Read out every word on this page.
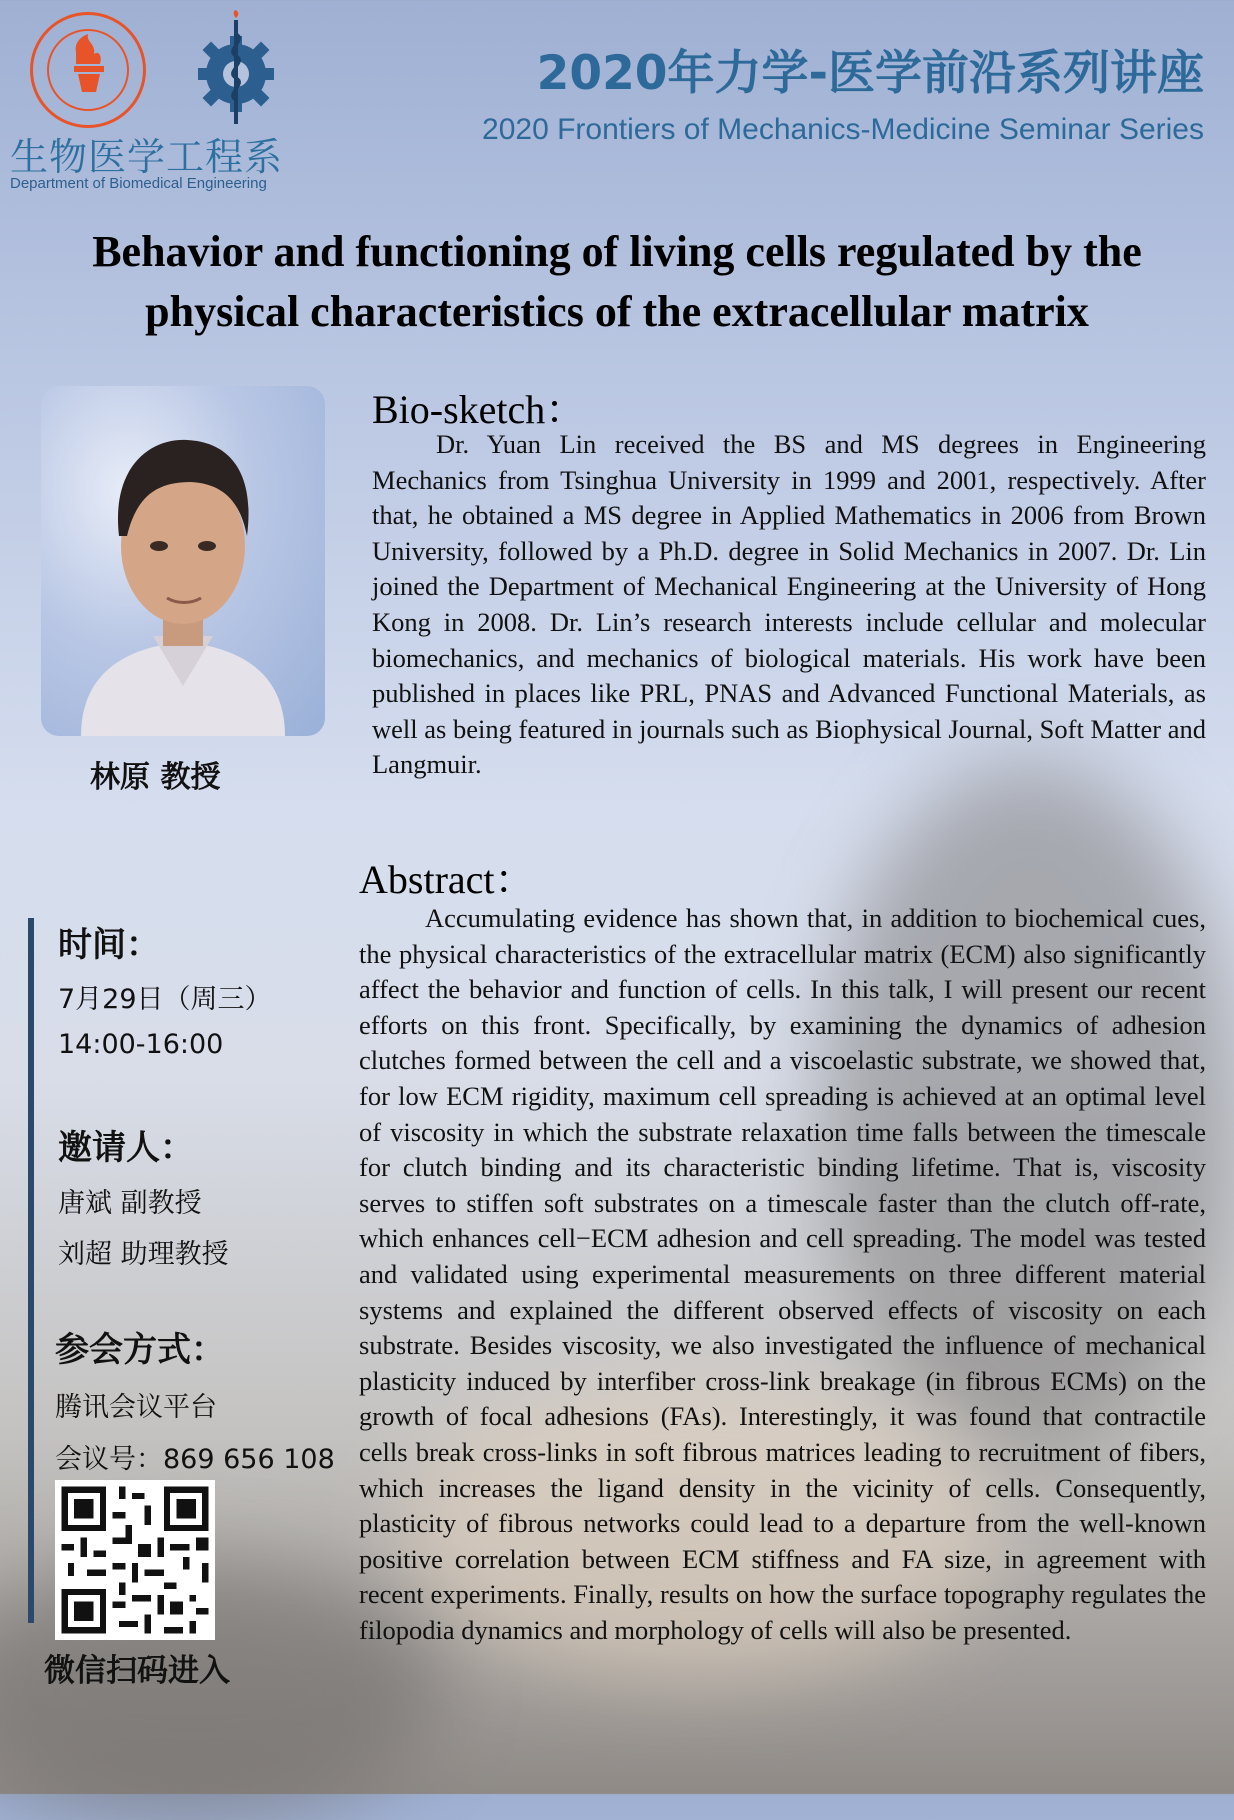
生物医学工程系
Department of Biomedical Engineering
2020年力学-医学前沿系列讲座
2020 Frontiers of Mechanics-Medicine Seminar Series
Behavior and functioning of living cells regulated by the physical characteristics of the extracellular matrix
林原 教授
Bio-sketch：
Dr. Yuan Lin received the BS and MS degrees in Engineering Mechanics from Tsinghua University in 1999 and 2001, respectively. After that, he obtained a MS degree in Applied Mathematics in 2006 from Brown University, followed by a Ph.D. degree in Solid Mechanics in 2007. Dr. Lin joined the Department of Mechanical Engineering at the University of Hong Kong in 2008. Dr. Lin’s research interests include cellular and molecular biomechanics, and mechanics of biological materials. His work have been published in places like PRL, PNAS and Advanced Functional Materials, as well as being featured in journals such as Biophysical Journal, Soft Matter and Langmuir.
Abstract：
Accumulating evidence has shown that, in addition to biochemical cues, the physical characteristics of the extracellular matrix (ECM) also significantly affect the behavior and function of cells. In this talk, I will present our recent efforts on this front. Specifically, by examining the dynamics of adhesion clutches formed between the cell and a viscoelastic substrate, we showed that, for low ECM rigidity, maximum cell spreading is achieved at an optimal level of viscosity in which the substrate relaxation time falls between the timescale for clutch binding and its characteristic binding lifetime. That is, viscosity serves to stiffen soft substrates on a timescale faster than the clutch off-rate, which enhances cell−ECM adhesion and cell spreading. The model was tested and validated using experimental measurements on three different material systems and explained the different observed effects of viscosity on each substrate. Besides viscosity, we also investigated the influence of mechanical plasticity induced by interfiber cross-link breakage (in fibrous ECMs) on the growth of focal adhesions (FAs). Interestingly, it was found that contractile cells break cross-links in soft fibrous matrices leading to recruitment of fibers, which increases the ligand density in the vicinity of cells. Consequently, plasticity of fibrous networks could lead to a departure from the well-known positive correlation between ECM stiffness and FA size, in agreement with recent experiments. Finally, results on how the surface topography regulates the filopodia dynamics and morphology of cells will also be presented.
时间：
7月29日（周三）
14:00-16:00
邀请人：
唐斌 副教授
刘超 助理教授
参会方式：
腾讯会议平台
会议号：869 656 108
微信扫码进入
